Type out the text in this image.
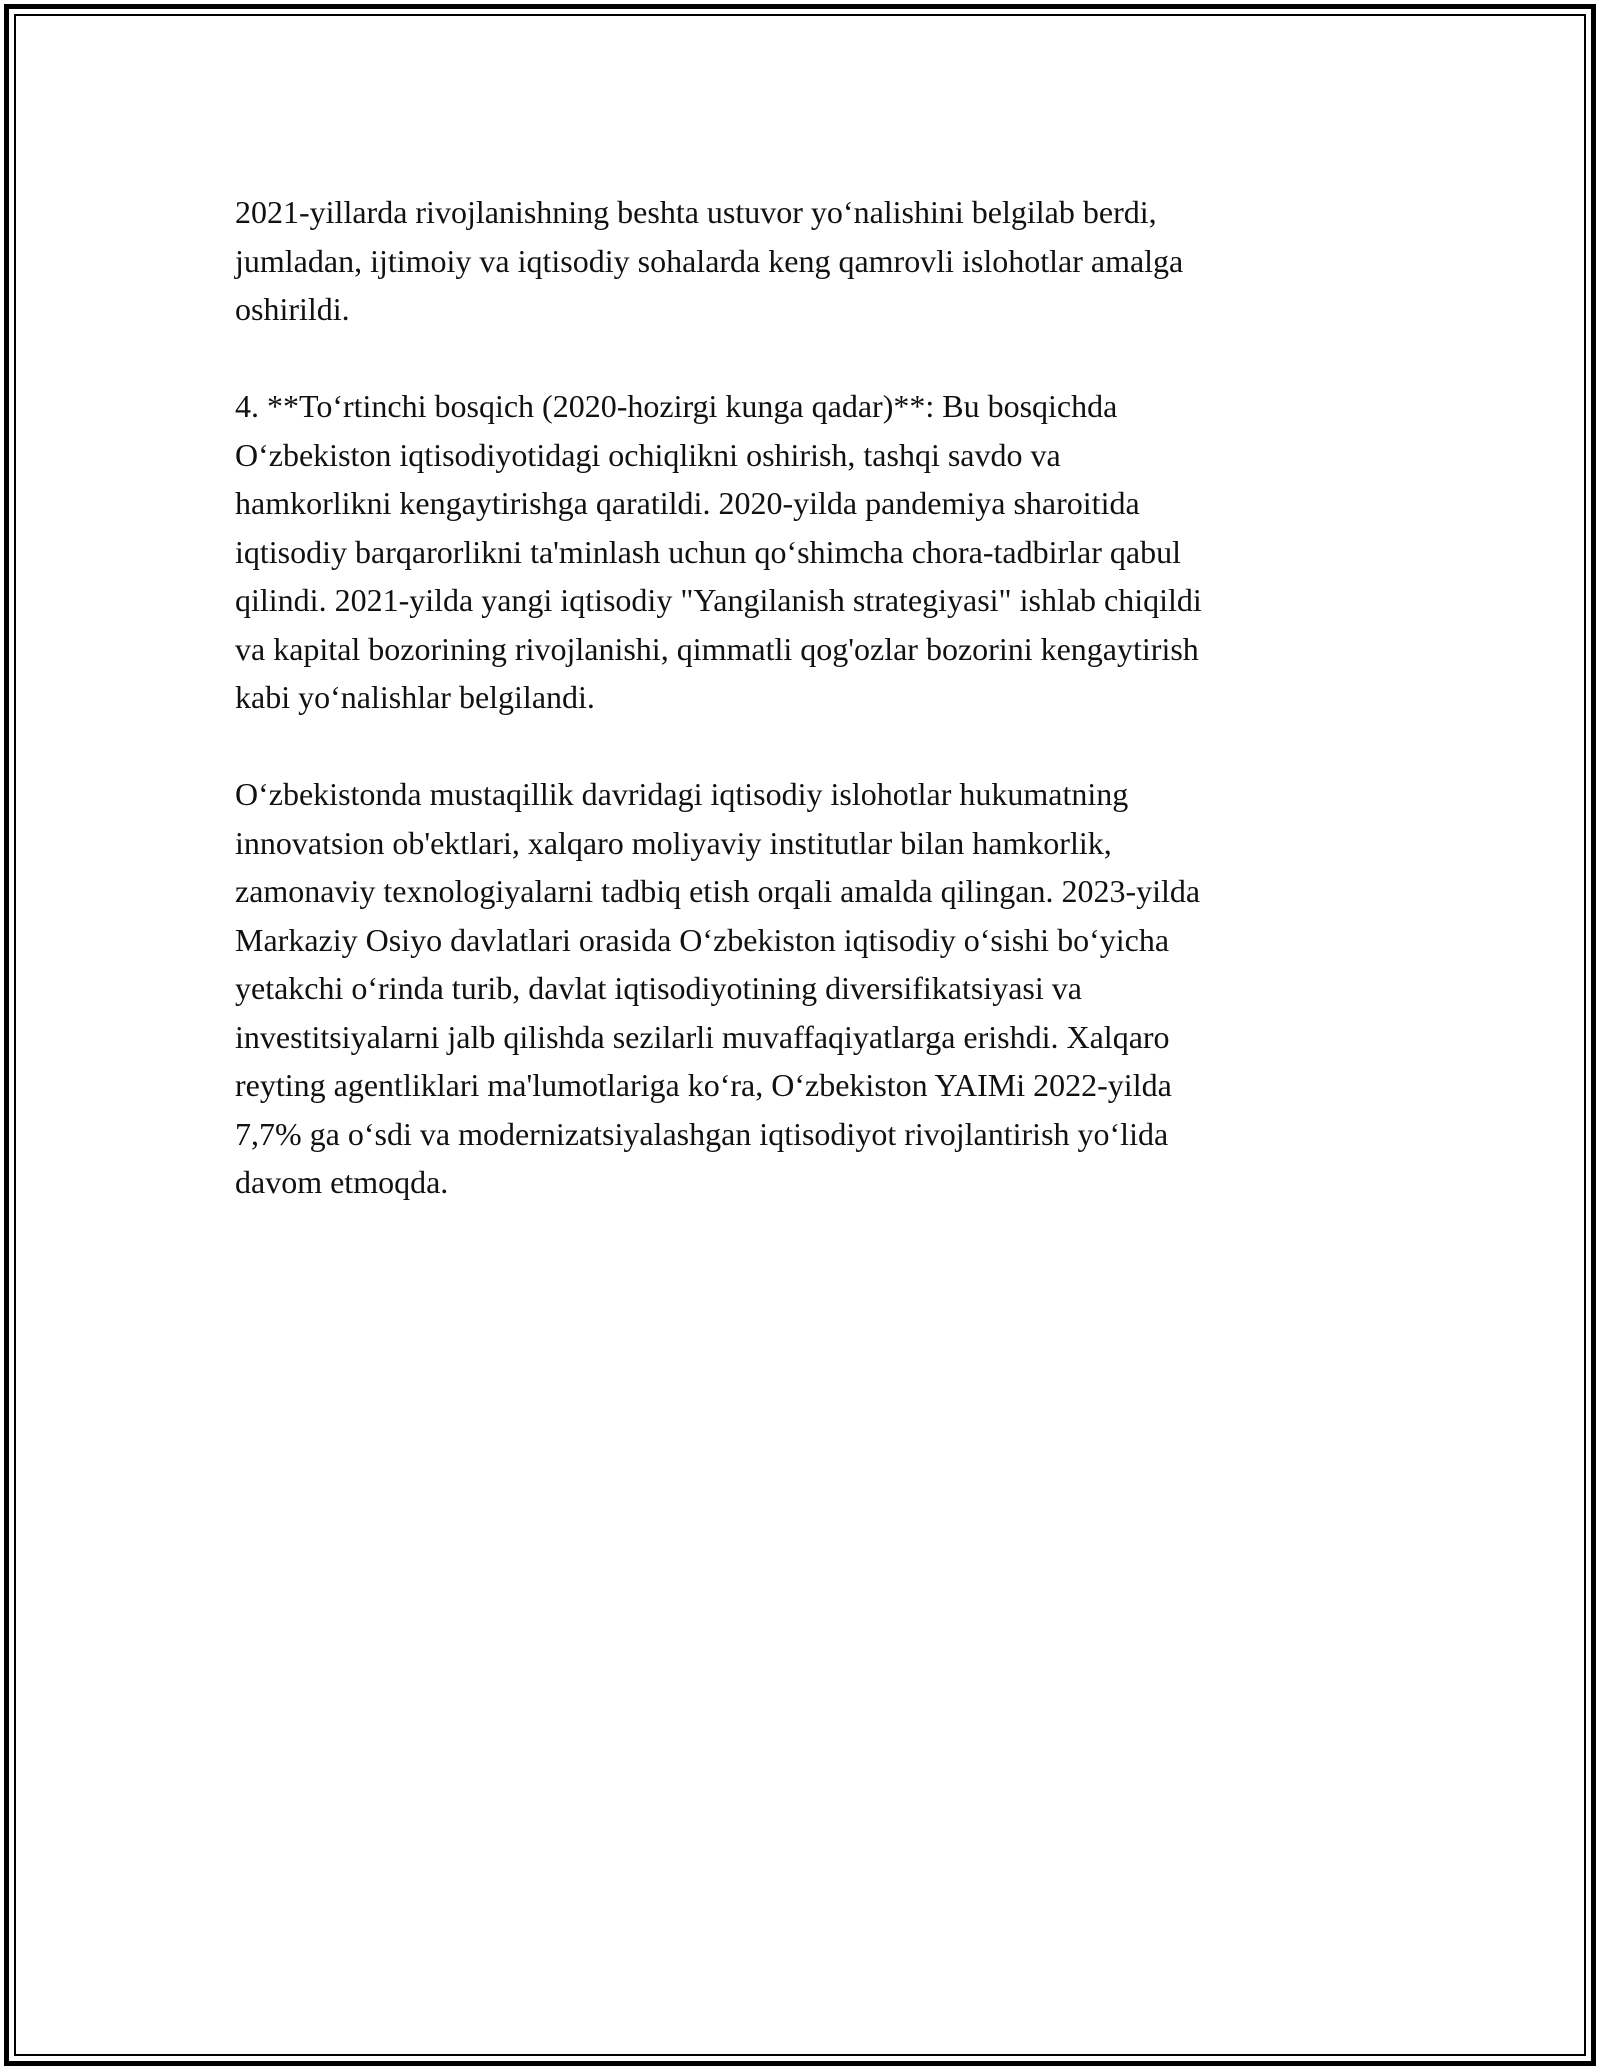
2021-yillarda rivojlanishning beshta ustuvor yo‘nalishini belgilab berdi,
jumladan, ijtimoiy va iqtisodiy sohalarda keng qamrovli islohotlar amalga
oshirildi.

4. **To‘rtinchi bosqich (2020-hozirgi kunga qadar)**: Bu bosqichda
O‘zbekiston iqtisodiyotidagi ochiqlikni oshirish, tashqi savdo va
hamkorlikni kengaytirishga qaratildi. 2020-yilda pandemiya sharoitida
iqtisodiy barqarorlikni ta'minlash uchun qo‘shimcha chora-tadbirlar qabul
qilindi. 2021-yilda yangi iqtisodiy "Yangilanish strategiyasi" ishlab chiqildi
va kapital bozorining rivojlanishi, qimmatli qog'ozlar bozorini kengaytirish
kabi yo‘nalishlar belgilandi.

O‘zbekistonda mustaqillik davridagi iqtisodiy islohotlar hukumatning
innovatsion ob'ektlari, xalqaro moliyaviy institutlar bilan hamkorlik,
zamonaviy texnologiyalarni tadbiq etish orqali amalda qilingan. 2023-yilda
Markaziy Osiyo davlatlari orasida O‘zbekiston iqtisodiy o‘sishi bo‘yicha
yetakchi o‘rinda turib, davlat iqtisodiyotining diversifikatsiyasi va
investitsiyalarni jalb qilishda sezilarli muvaffaqiyatlarga erishdi. Xalqaro
reyting agentliklari ma'lumotlariga ko‘ra, O‘zbekiston YAIMi 2022-yilda
7,7% ga o‘sdi va modernizatsiyalashgan iqtisodiyot rivojlantirish yo‘lida
davom etmoqda.
